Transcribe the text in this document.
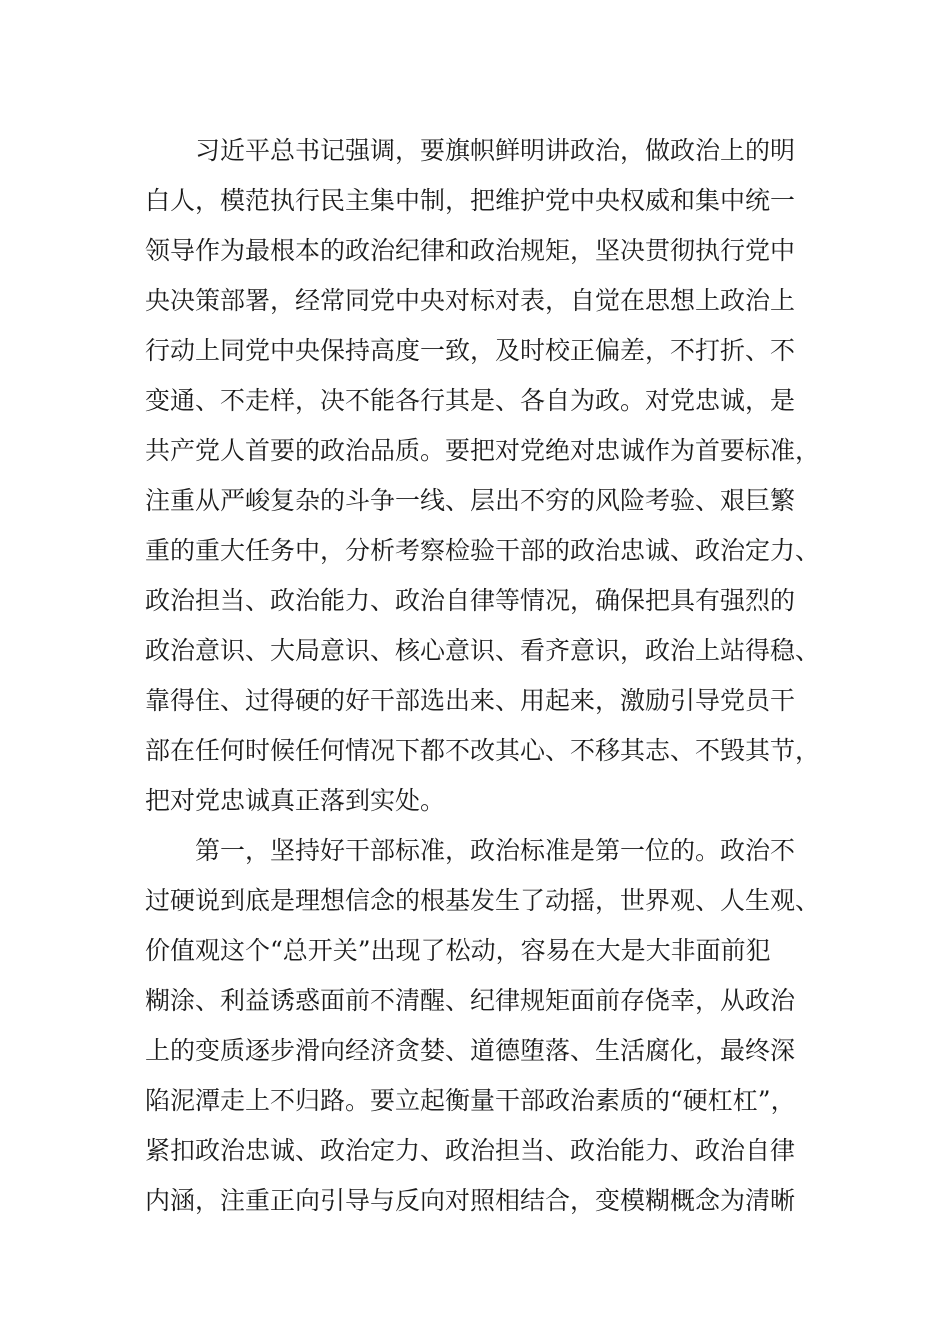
习近平总书记强调，要旗帜鲜明讲政治，做政治上的明
白人，模范执行民主集中制，把维护党中央权威和集中统一
领导作为最根本的政治纪律和政治规矩，坚决贯彻执行党中
央决策部署，经常同党中央对标对表，自觉在思想上政治上
行动上同党中央保持高度一致，及时校正偏差，不打折、不
变通、不走样，决不能各行其是、各自为政。对党忠诚，是
共产党人首要的政治品质。要把对党绝对忠诚作为首要标准，
注重从严峻复杂的斗争一线、层出不穷的风险考验、艰巨繁
重的重大任务中，分析考察检验干部的政治忠诚、政治定力、
政治担当、政治能力、政治自律等情况，确保把具有强烈的
政治意识、大局意识、核心意识、看齐意识，政治上站得稳、
靠得住、过得硬的好干部选出来、用起来，激励引导党员干
部在任何时候任何情况下都不改其心、不移其志、不毁其节，
把对党忠诚真正落到实处。
第一，坚持好干部标准，政治标准是第一位的。政治不
过硬说到底是理想信念的根基发生了动摇，世界观、人生观、
价值观这个“总开关”出现了松动，容易在大是大非面前犯
糊涂、利益诱惑面前不清醒、纪律规矩面前存侥幸，从政治
上的变质逐步滑向经济贪婪、道德堕落、生活腐化，最终深
陷泥潭走上不归路。要立起衡量干部政治素质的“硬杠杠”，
紧扣政治忠诚、政治定力、政治担当、政治能力、政治自律
内涵，注重正向引导与反向对照相结合，变模糊概念为清晰
